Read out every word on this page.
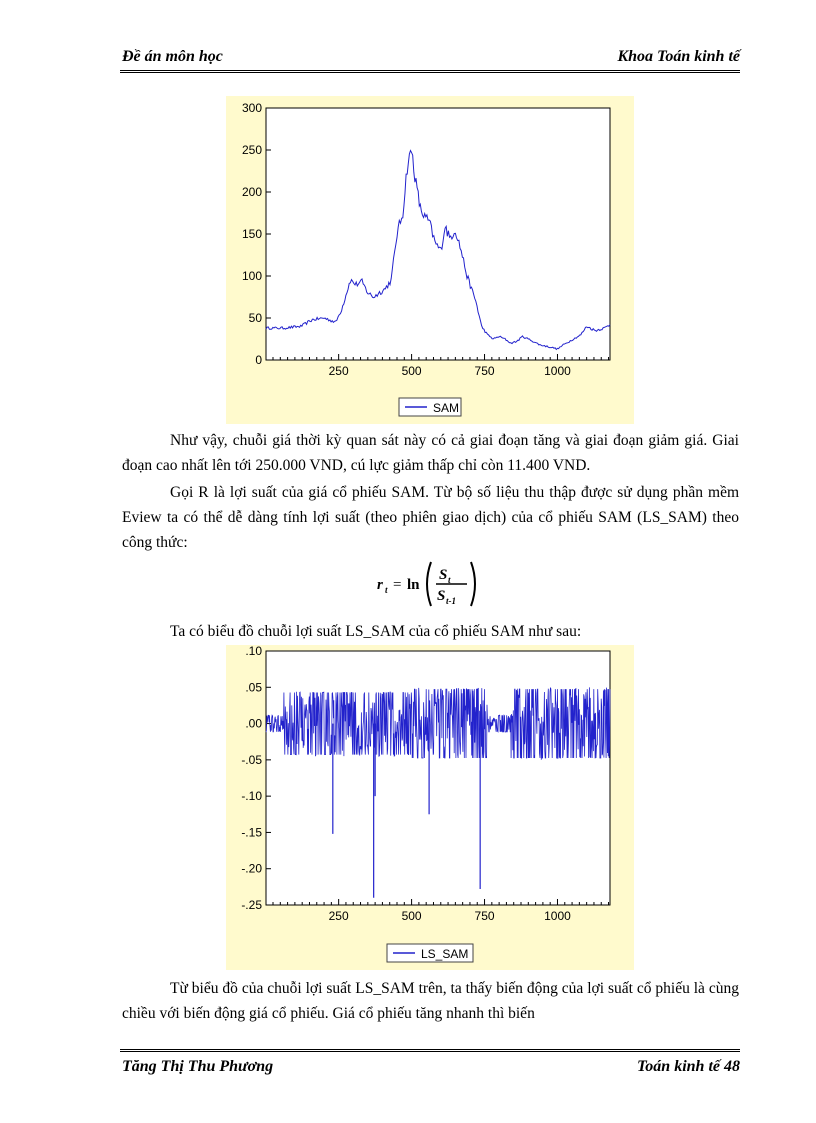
Đề án môn học	Khoa Toán kinh tế
250	500	750	1000
0
50
100
150
200
250
300
SAM

Như vậy, chuỗi giá thời kỳ quan sát này có cả giai đoạn tăng và giai đoạn giảm giá. Giai đoạn cao nhất lên tới 250.000 VND, cú lực giảm thấp chỉ còn 11.400 VND.

Gọi R là lợi suất của giá cổ phiếu SAM. Từ bộ số liệu thu thập được sử dụng phần mềm Eview ta có thể dễ dàng tính lợi suất (theo phiên giao dịch) của cổ phiếu SAM (LS_SAM) theo công thức:

r t = ln
S t
S t-1

Ta có biểu đồ chuỗi lợi suất LS_SAM của cổ phiếu SAM như sau:

250	500	750	1000
.10
.05
.00
-.05
-.10
-.15
-.20
-.25
LS_SAM

Từ biểu đồ của chuỗi lợi suất LS_SAM trên, ta thấy biến động của lợi suất cổ phiếu là cùng chiều với biến động giá cổ phiếu. Giá cổ phiếu tăng nhanh thì biến

Tăng Thị Thu Phương	Toán kinh tế 48
